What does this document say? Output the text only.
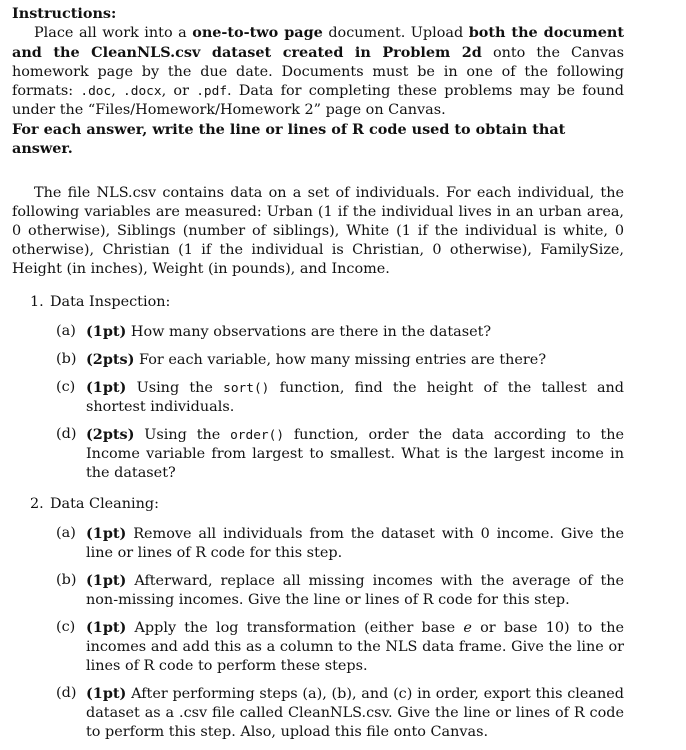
Instructions:

Place all work into a one-to-two page document. Upload both the document and the CleanNLS.csv dataset created in Problem 2d onto the Canvas homework page by the due date. Documents must be in one of the following formats: .doc, .docx, or .pdf. Data for completing these problems may be found under the “Files/Homework/Homework 2” page on Canvas.

For each answer, write the line or lines of R code used to obtain that answer.

The file NLS.csv contains data on a set of individuals. For each individual, the following variables are measured: Urban (1 if the individual lives in an urban area, 0 otherwise), Siblings (number of siblings), White (1 if the individual is white, 0 otherwise), Christian (1 if the individual is Christian, 0 otherwise), FamilySize, Height (in inches), Weight (in pounds), and Income.

1. Data Inspection:
(a) (1pt) How many observations are there in the dataset?
(b) (2pts) For each variable, how many missing entries are there?
(c) (1pt) Using the sort() function, find the height of the tallest and shortest individuals.
(d) (2pts) Using the order() function, order the data according to the Income variable from largest to smallest. What is the largest income in the dataset?
2. Data Cleaning:
(a) (1pt) Remove all individuals from the dataset with 0 income. Give the line or lines of R code for this step.
(b) (1pt) Afterward, replace all missing incomes with the average of the non-missing incomes. Give the line or lines of R code for this step.
(c) (1pt) Apply the log transformation (either base e or base 10) to the incomes and add this as a column to the NLS data frame. Give the line or lines of R code to perform these steps.
(d) (1pt) After performing steps (a), (b), and (c) in order, export this cleaned dataset as a .csv file called CleanNLS.csv. Give the line or lines of R code to perform this step. Also, upload this file onto Canvas.
